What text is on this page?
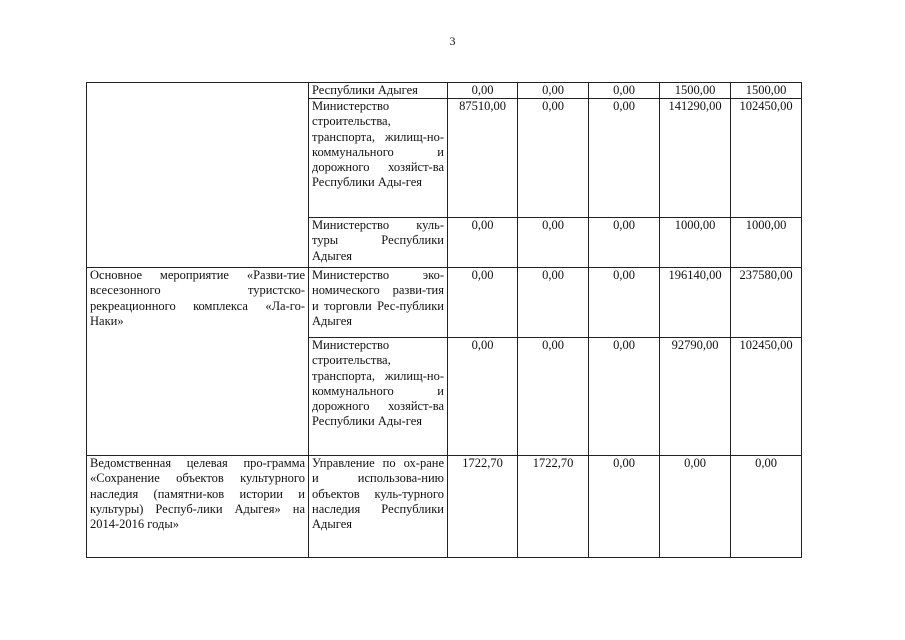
3
	Республики Адыгея	0,00	0,00	0,00	1500,00	1500,00
	Министерство строительства, транспорта, жилищ-но-коммунального и дорожного хозяйст-ва Республики Ады-гея	87510,00	0,00	0,00	141290,00	102450,00
	Министерство куль-туры Республики Адыгея	0,00	0,00	0,00	1000,00	1000,00
Основное мероприятие «Разви-тие всесезонного туристско-рекреационного комплекса «Ла-го-Наки»	Министерство эко-номического разви-тия и торговли Рес-публики Адыгея	0,00	0,00	0,00	196140,00	237580,00
	Министерство строительства, транспорта, жилищ-но-коммунального и дорожного хозяйст-ва Республики Ады-гея	0,00	0,00	0,00	92790,00	102450,00
Ведомственная целевая про-грамма «Сохранение объектов культурного наследия (памятни-ков истории и культуры) Респуб-лики Адыгея» на 2014-2016 годы»	Управление по ох-ране и использова-нию объектов куль-турного наследия Республики Адыгея	1722,70	1722,70	0,00	0,00	0,00
